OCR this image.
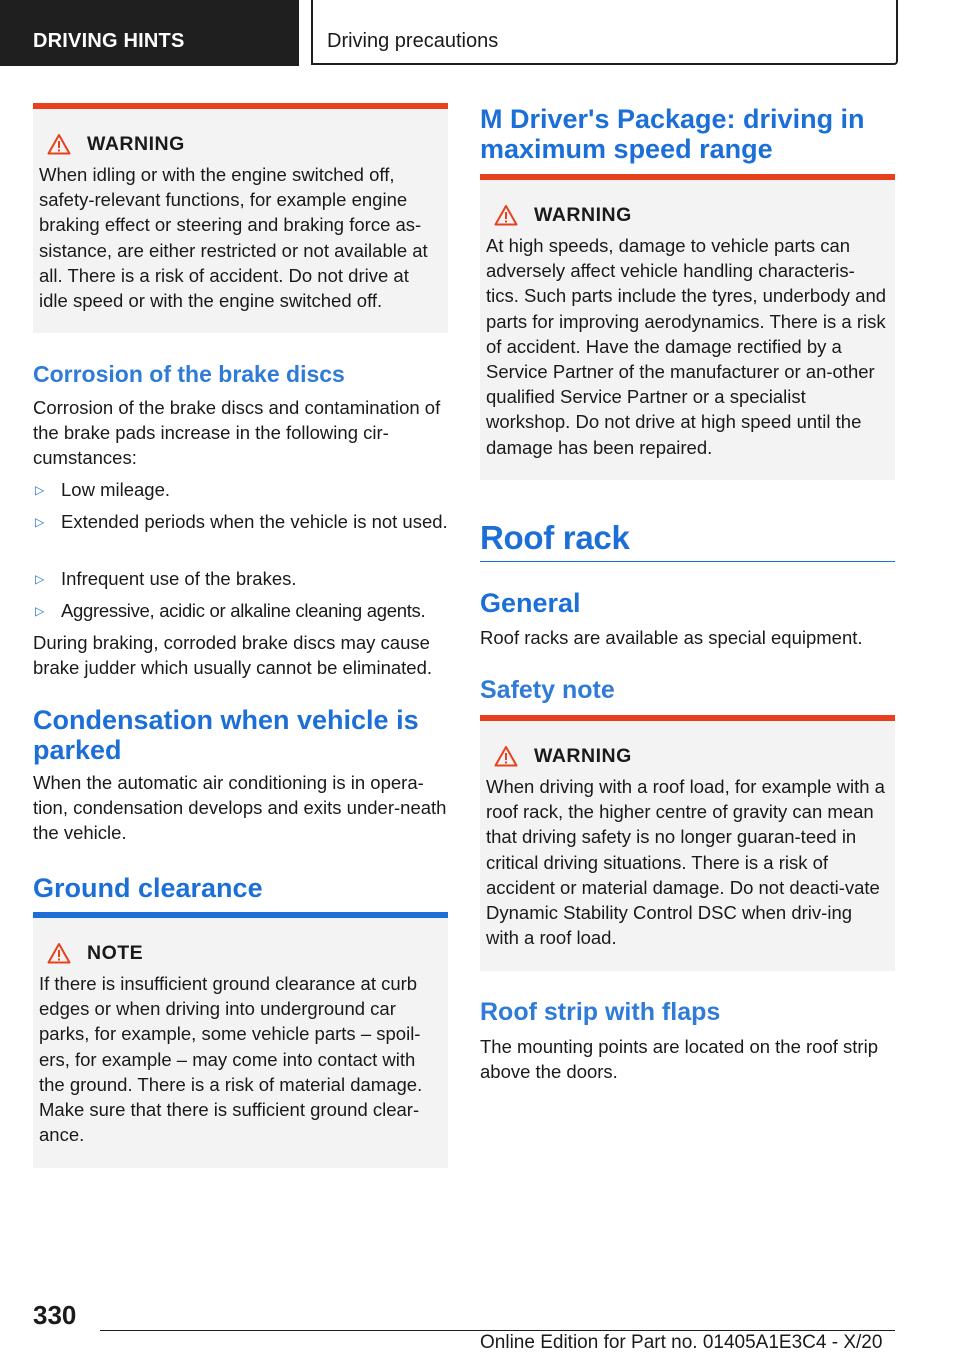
DRIVING HINTS	Driving precautions
WARNING
When idling or with the engine switched off, safety-relevant functions, for example engine braking effect or steering and braking force as-sistance, are either restricted or not available at all. There is a risk of accident. Do not drive at idle speed or with the engine switched off.
Corrosion of the brake discs
Corrosion of the brake discs and contamination of the brake pads increase in the following cir-cumstances:
▷ Low mileage.
▷ Extended periods when the vehicle is not used.
▷ Infrequent use of the brakes.
▷ Aggressive, acidic or alkaline cleaning agents.
During braking, corroded brake discs may cause brake judder which usually cannot be eliminated.
Condensation when vehicle is parked
When the automatic air conditioning is in opera-tion, condensation develops and exits under-neath the vehicle.
Ground clearance
NOTE
If there is insufficient ground clearance at curb edges or when driving into underground car parks, for example, some vehicle parts – spoil-ers, for example – may come into contact with the ground. There is a risk of material damage. Make sure that there is sufficient ground clear-ance.
M Driver's Package: driving in maximum speed range
WARNING
At high speeds, damage to vehicle parts can adversely affect vehicle handling characteris-tics. Such parts include the tyres, underbody and parts for improving aerodynamics. There is a risk of accident. Have the damage rectified by a Service Partner of the manufacturer or an-other qualified Service Partner or a specialist workshop. Do not drive at high speed until the damage has been repaired.
Roof rack
General
Roof racks are available as special equipment.
Safety note
WARNING
When driving with a roof load, for example with a roof rack, the higher centre of gravity can mean that driving safety is no longer guaran-teed in critical driving situations. There is a risk of accident or material damage. Do not deacti-vate Dynamic Stability Control DSC when driv-ing with a roof load.
Roof strip with flaps
The mounting points are located on the roof strip above the doors.
330
Online Edition for Part no. 01405A1E3C4 - X/20
